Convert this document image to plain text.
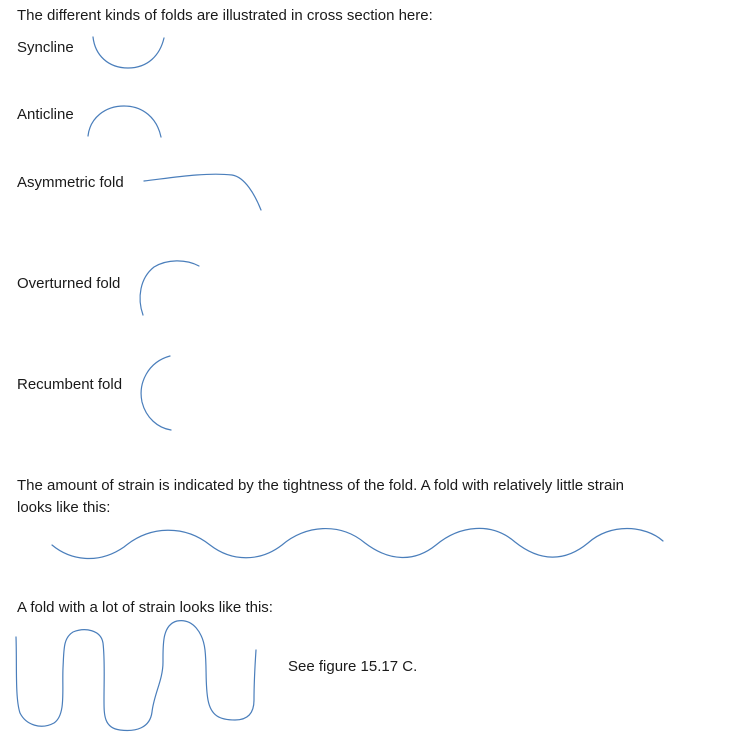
The different kinds of folds are illustrated in cross section here:
Syncline
Anticline
Asymmetric fold
Overturned fold
Recumbent fold
The amount of strain is indicated by the tightness of the fold. A fold with relatively little strain
looks like this:
A fold with a lot of strain looks like this:
See figure 15.17 C.
